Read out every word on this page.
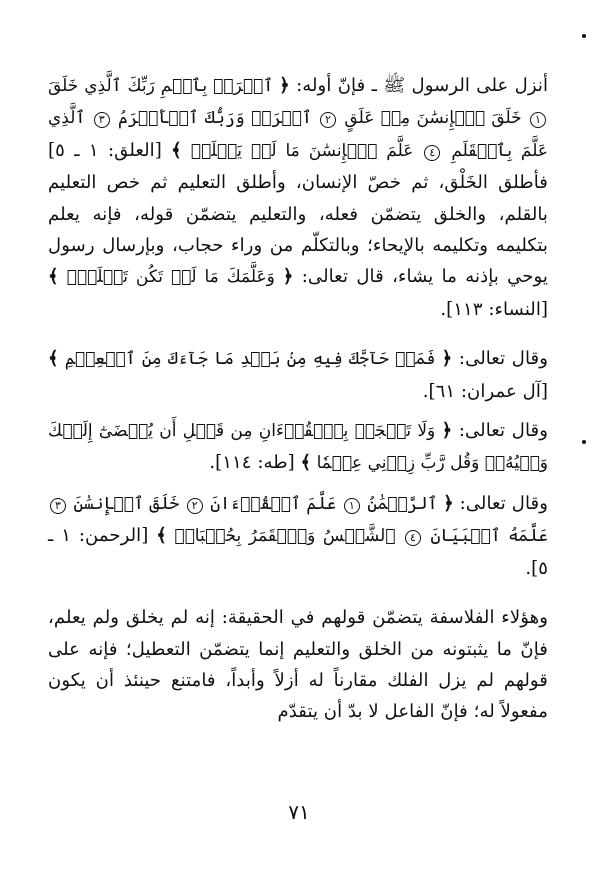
أنزل على الرسول ﷺ ـ فإنّ أوله: ﴿ ٱقۡرَأۡ بِٱسۡمِ رَبِّكَ ٱلَّذِي خَلَقَ ١ خَلَقَ ٱلۡإِنسَٰنَ مِنۡ عَلَقٍ ٢ ٱقۡرَأۡ وَرَبُّكَ ٱلۡأَكۡرَمُ ٣ ٱلَّذِي عَلَّمَ بِٱلۡقَلَمِ ٤ عَلَّمَ ٱلۡإِنسَٰنَ مَا لَمۡ يَعۡلَمۡ ﴾ [العلق: ١ ـ ٥] فأطلق الخَلْق، ثم خصّ الإنسان، وأطلق التعليم ثم خص التعليم بالقلم، والخلق يتضمّن فعله، والتعليم يتضمّن قوله، فإنه يعلم بتكليمه وتكليمه بالإيحاء؛ وبالتكلّم من وراء حجاب، وبإرسال رسول يوحي بإذنه ما يشاء، قال تعالى: ﴿ وَعَلَّمَكَ مَا لَمۡ تَكُن تَعۡلَمُۚ ﴾ [النساء: ١١٣].

وقال تعالى: ﴿ فَمَنۡ حَآجَّكَ فِيهِ مِنۢ بَعۡدِ مَا جَآءَكَ مِنَ ٱلۡعِلۡمِ ﴾ [آل عمران: ٦١].

وقال تعالى: ﴿ وَلَا تَعۡجَلۡ بِٱلۡقُرۡءَانِ مِن قَبۡلِ أَن يُقۡضَىٰٓ إِلَيۡكَ وَحۡيُهُۥۖ وَقُل رَّبِّ زِدۡنِي عِلۡمٗا ﴾ [طه: ١١٤].

وقال تعالى: ﴿ ٱلرَّحۡمَٰنُ ١ عَلَّمَ ٱلۡقُرۡءَانَ ٢ خَلَقَ ٱلۡإِنسَٰنَ ٣ عَلَّمَهُ ٱلۡبَيَانَ ٤ ٱلشَّمۡسُ وَٱلۡقَمَرُ بِحُسۡبَانٖ ﴾ [الرحمن: ١ ـ ٥].

وهؤلاء الفلاسفة يتضمّن قولهم في الحقيقة: إنه لم يخلق ولم يعلم، فإنّ ما يثبتونه من الخلق والتعليم إنما يتضمّن التعطيل؛ فإنه على قولهم لم يزل الفلك مقارناً له أزلاً وأبداً، فامتنع حينئذ أن يكون مفعولاً له؛ فإنّ الفاعل لا بدّ أن يتقدّم

٧١
